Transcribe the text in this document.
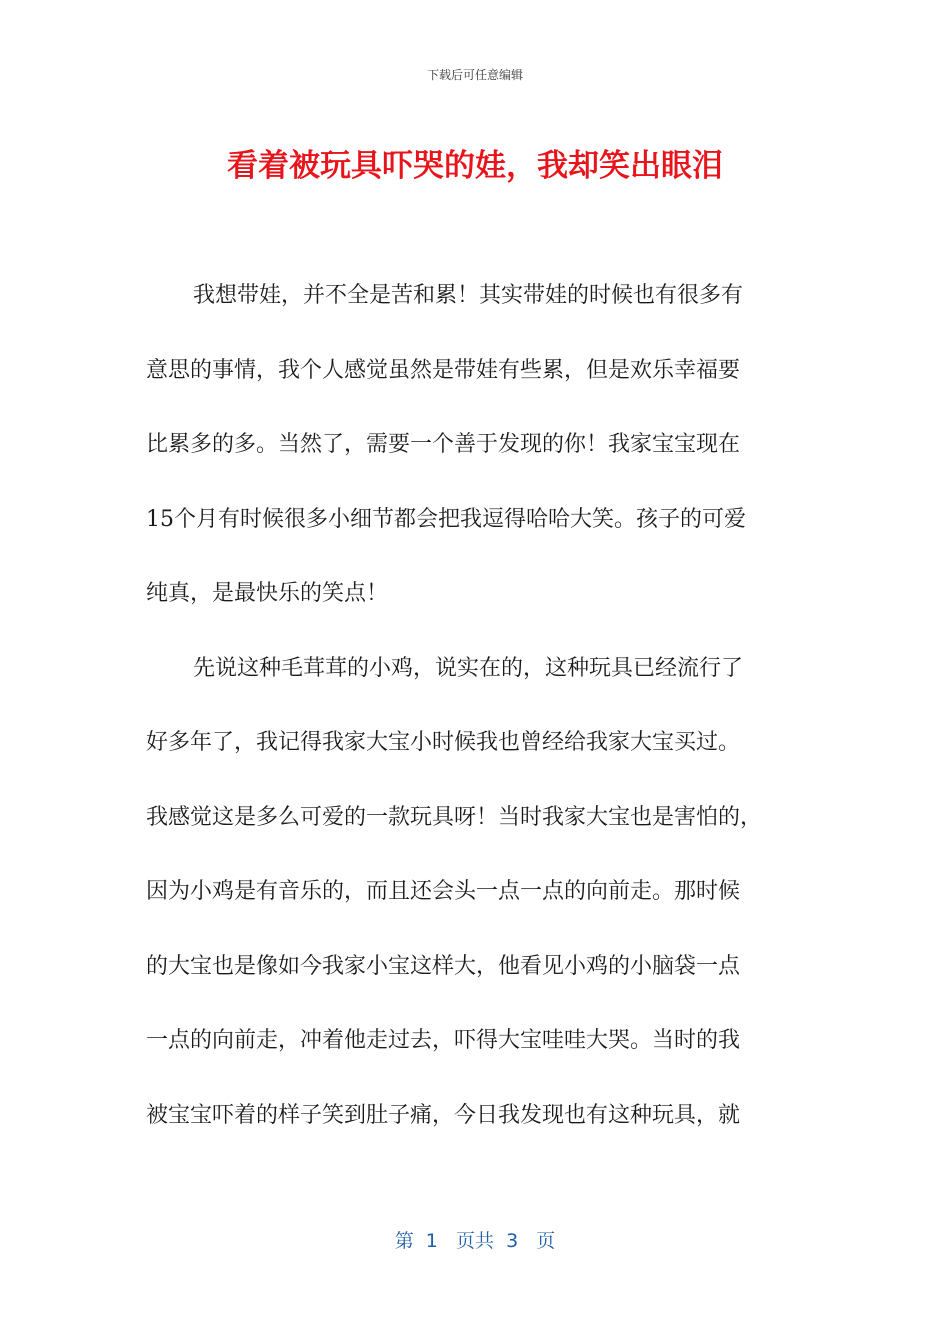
下载后可任意编辑
看着被玩具吓哭的娃，我却笑出眼泪
我想带娃，并不全是苦和累！其实带娃的时候也有很多有
意思的事情，我个人感觉虽然是带娃有些累，但是欢乐幸福要
比累多的多。当然了，需要一个善于发现的你！我家宝宝现在
15个月有时候很多小细节都会把我逗得哈哈大笑。孩子的可爱
纯真，是最快乐的笑点！
先说这种毛茸茸的小鸡，说实在的，这种玩具已经流行了
好多年了，我记得我家大宝小时候我也曾经给我家大宝买过。
我感觉这是多么可爱的一款玩具呀！当时我家大宝也是害怕的，
因为小鸡是有音乐的，而且还会头一点一点的向前走。那时候
的大宝也是像如今我家小宝这样大，他看见小鸡的小脑袋一点
一点的向前走，冲着他走过去，吓得大宝哇哇大哭。当时的我
被宝宝吓着的样子笑到肚子痛，今日我发现也有这种玩具，就
第  1   页共  3   页
